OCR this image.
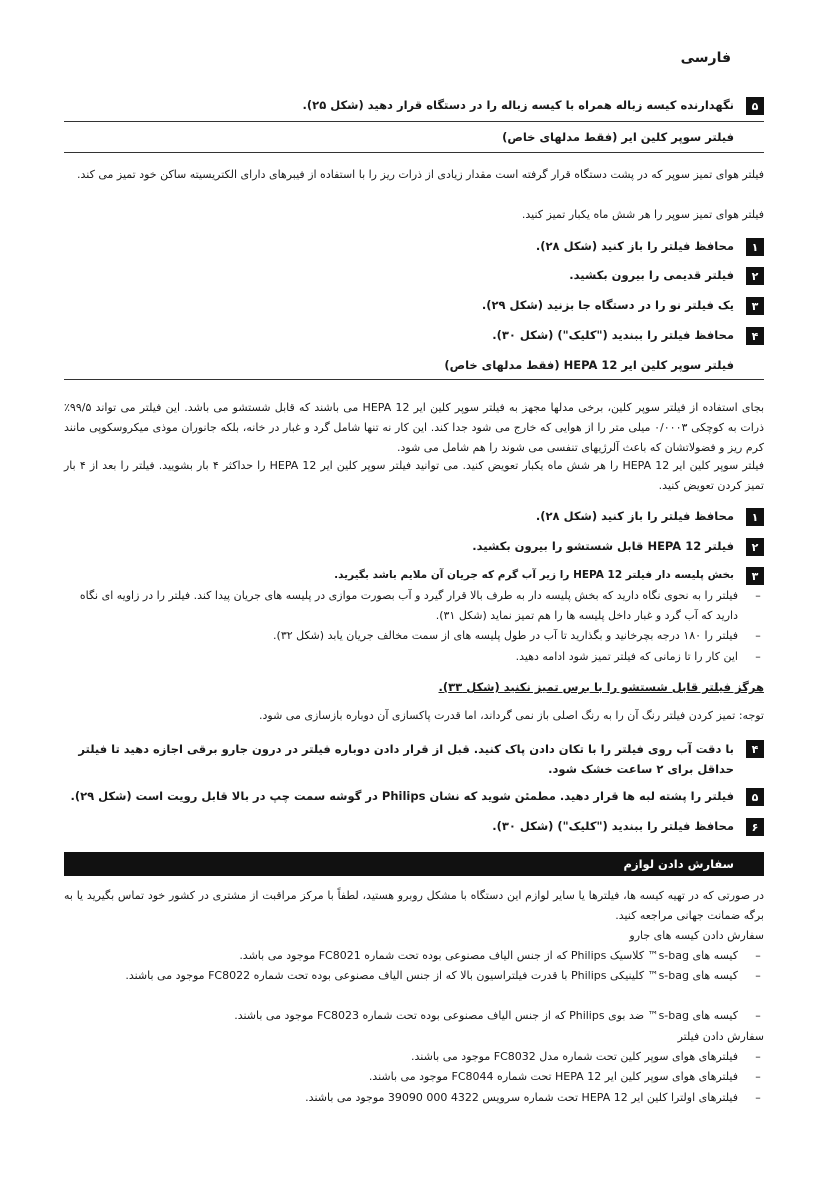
فارسی
۵
نگهدارنده کیسه زباله همراه با کیسه زباله را در دستگاه قرار دهید (شکل ۲۵).
فیلتر سوپر کلین ایر (فقط مدلهای خاص)
فیلتر هوای تمیز سوپر که در پشت دستگاه قرار گرفته است مقدار زیادی از ذرات ریز را با استفاده از فیبرهای دارای الکتریسیته ساکن خود تمیز می کند.
فیلتر هوای تمیز سوپر را هر شش ماه یکبار تمیز کنید.
۱
محافظ فیلتر را باز کنید (شکل ۲۸).
۲
فیلتر قدیمی را بیرون بکشید.
۳
یک فیلتر نو را در دستگاه جا بزنید (شکل ۲۹).
۴
محافظ فیلتر را ببندید ("کلیک") (شکل ۳۰).
فیلتر سوپر کلین ایر HEPA 12 (فقط مدلهای خاص)
بجای استفاده از فیلتر سوپر کلین، برخی مدلها مجهز به فیلتر سوپر کلین ایر HEPA 12 می باشند که قابل شستشو می باشد. این فیلتر می تواند ۹۹/۵٪ ذرات به کوچکی ۰/۰۰۰۳ میلی متر را از هوایی که خارج می شود جدا کند. این کار نه تنها شامل گرد و غبار در خانه، بلکه جانوران موذی میکروسکوپی مانند کرم ریز و فضولاتشان که باعث آلرژیهای تنفسی می شوند را هم شامل می شود.
فیلتر سوپر کلین ایر HEPA 12 را هر شش ماه یکبار تعویض کنید. می توانید فیلتر سوپر کلین ایر HEPA 12 را حداکثر ۴ بار بشویید. فیلتر را بعد از ۴ بار تمیز کردن تعویض کنید.
۱
محافظ فیلتر را باز کنید (شکل ۲۸).
۲
فیلتر HEPA 12 قابل شستشو را بیرون بکشید.
۳
بخش پلیسه دار فیلتر HEPA 12 را زیر آب گرم که جریان آن ملایم باشد بگیرید.
–
فیلتر را به نحوی نگاه دارید که بخش پلیسه دار به طرف بالا قرار گیرد و آب بصورت موازی در پلیسه های جریان پیدا کند. فیلتر را در زاویه ای نگاه دارید که آب گرد و غبار داخل پلیسه ها را هم تمیز نماید (شکل ۳۱).
–
فیلتر را ۱۸۰ درجه بچرخانید و بگذارید تا آب در طول پلیسه های از سمت مخالف جریان یابد (شکل ۳۲).
–
این کار را تا زمانی که فیلتر تمیز شود ادامه دهید.
هرگز فیلتر قابل شستشو را با برس تمیز نکنید (شکل ۳۳).
توجه: تمیز کردن فیلتر رنگ آن را به رنگ اصلی باز نمی گرداند، اما قدرت پاکسازی آن دوباره بازسازی می شود.
۴
با دقت آب روی فیلتر را با تکان دادن پاک کنید. قبل از قرار دادن دوباره فیلتر در درون جارو برقی اجازه دهید تا فیلتر حداقل برای ۲ ساعت خشک شود.
۵
فیلتر را پشته لبه ها قرار دهید. مطمئن شوید که نشان Philips در گوشه سمت چپ در بالا قابل رویت است (شکل ۲۹).
۶
محافظ فیلتر را ببندید ("کلیک") (شکل ۳۰).
سفارش دادن لوازم
در صورتی که در تهیه کیسه ها، فیلترها یا سایر لوازم این دستگاه با مشکل روبرو هستید، لطفاً با مرکز مراقبت از مشتری در کشور خود تماس بگیرید یا به برگه ضمانت جهانی مراجعه کنید.
سفارش دادن کیسه های جارو
–
کیسه های s-bag™ کلاسیک Philips که از جنس الیاف مصنوعی بوده تحت شماره FC8021 موجود می باشد.
–
کیسه های s-bag™ کلینیکی Philips با قدرت فیلتراسیون بالا که از جنس الیاف مصنوعی بوده تحت شماره FC8022 موجود می باشند.
–
کیسه های s-bag™ ضد بوی Philips که از جنس الیاف مصنوعی بوده تحت شماره FC8023 موجود می باشند.
سفارش دادن فیلتر
–
فیلترهای هوای سوپر کلین تحت شماره مدل FC8032 موجود می باشند.
–
فیلترهای هوای سوپر کلین ایر HEPA 12 تحت شماره FC8044 موجود می باشند.
–
فیلترهای اولترا کلین ایر HEPA 12 تحت شماره سرویس 4322 000 39090 موجود می باشند.
